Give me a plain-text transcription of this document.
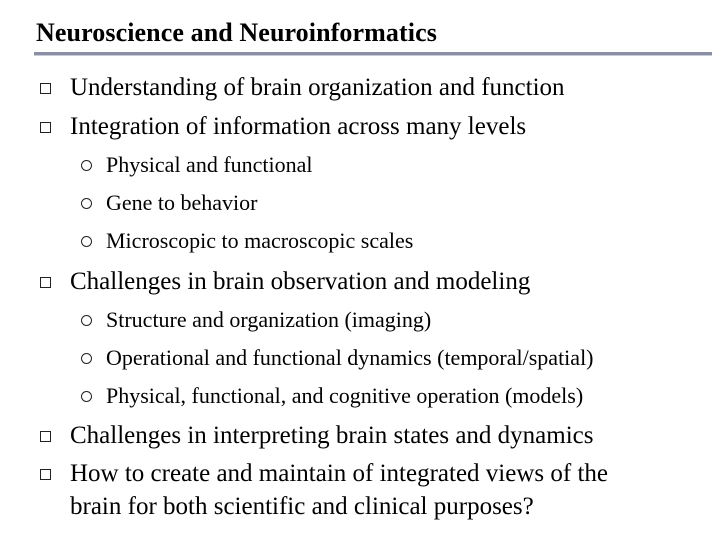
Neuroscience and Neuroinformatics
Understanding of brain organization and function
Integration of information across many levels
Physical and functional
Gene to behavior
Microscopic to macroscopic scales
Challenges in brain observation and modeling
Structure and organization (imaging)
Operational and functional dynamics (temporal/spatial)
Physical, functional, and cognitive operation (models)
Challenges in interpreting brain states and dynamics
How to create and maintain of integrated views of the
brain for both scientific and clinical purposes?
